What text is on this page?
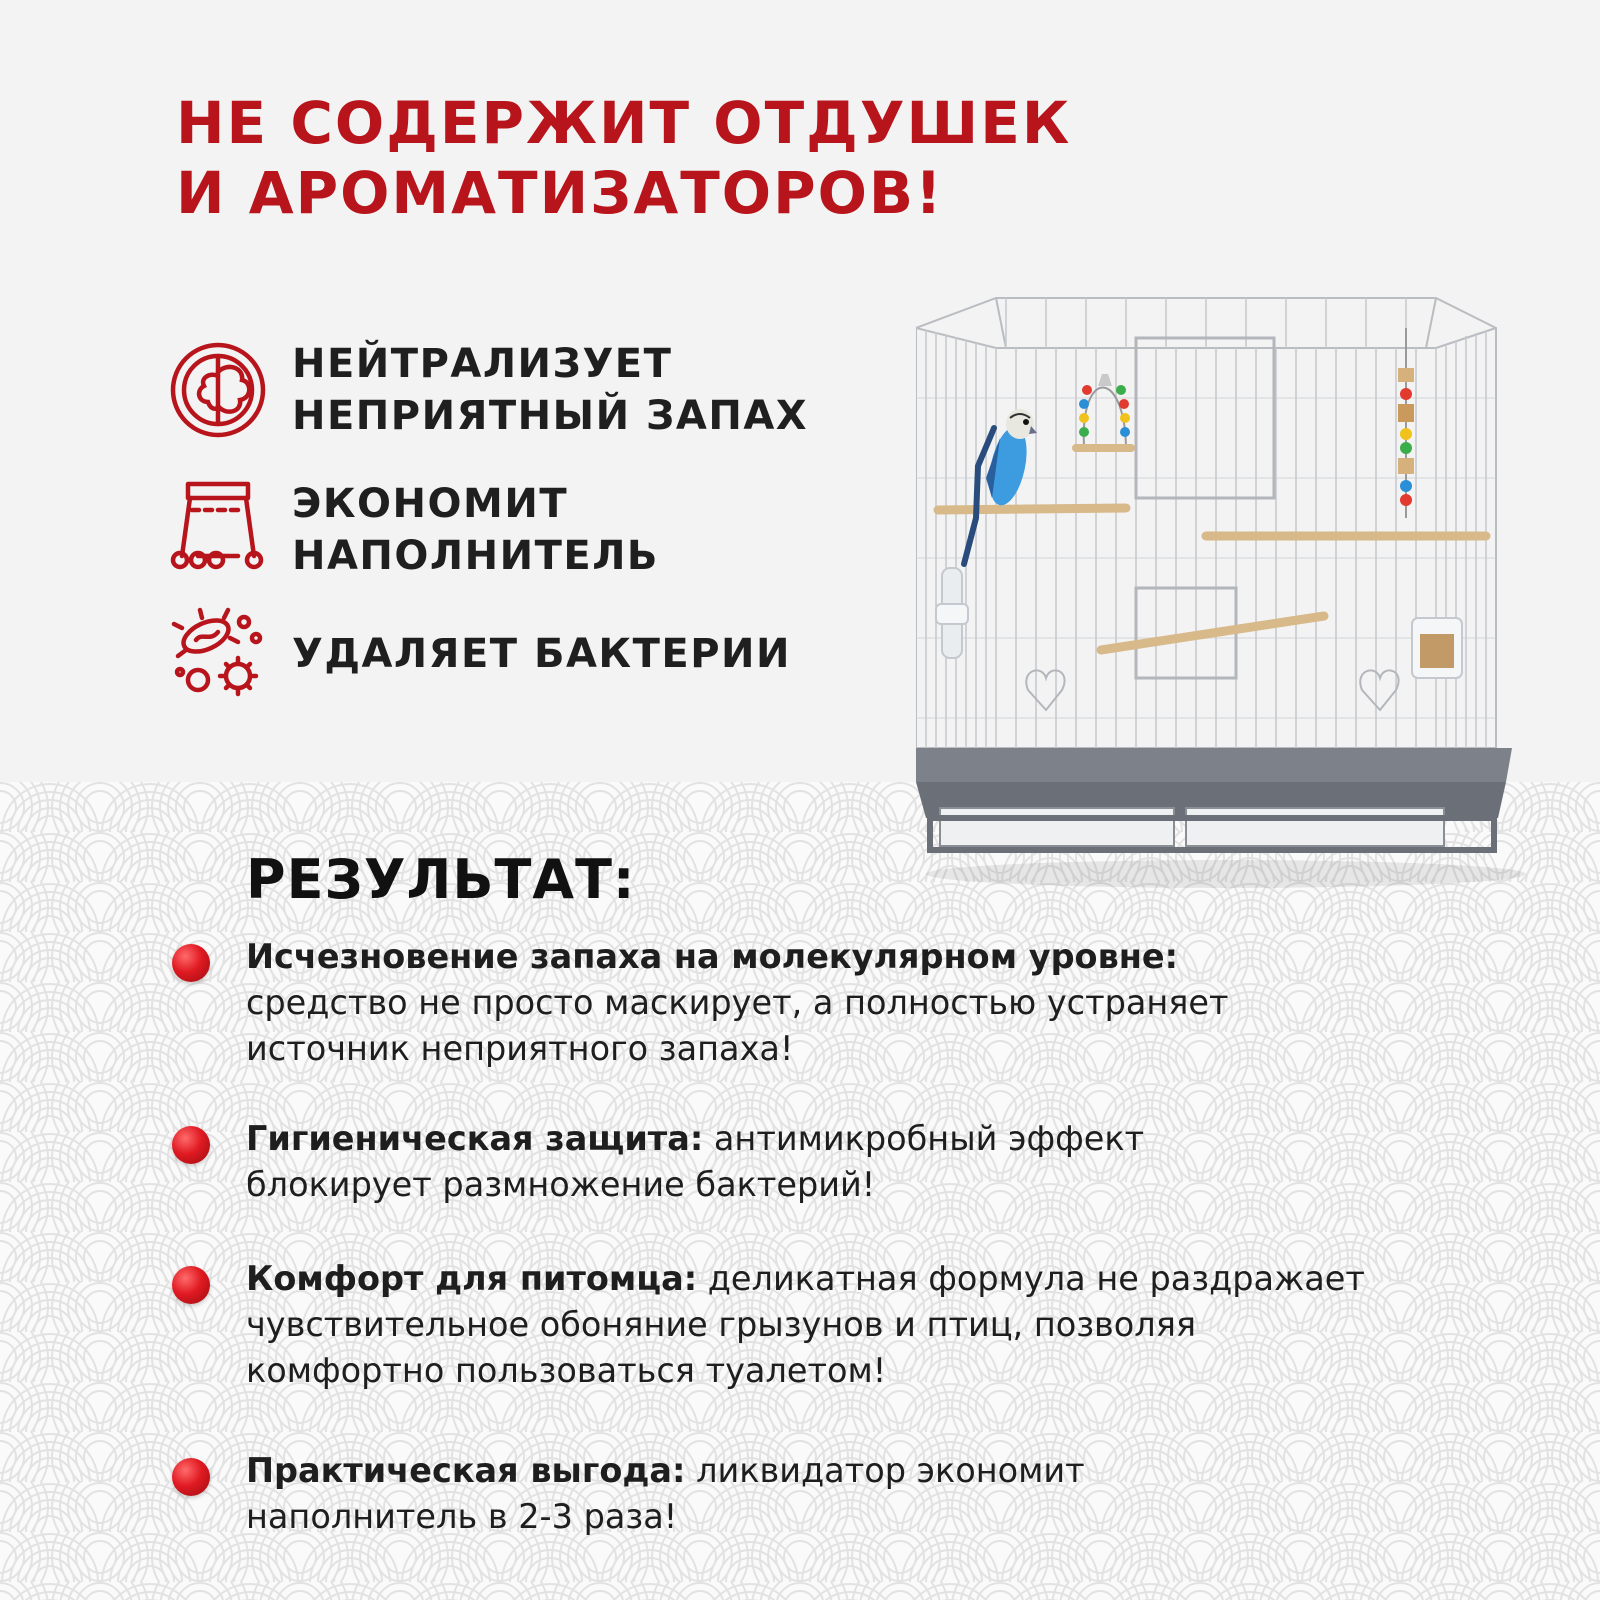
НЕ СОДЕРЖИТ ОТДУШЕК
И АРОМАТИЗАТОРОВ!
НЕЙТРАЛИЗУЕТ
НЕПРИЯТНЫЙ ЗАПАХ
ЭКОНОМИТ
НАПОЛНИТЕЛЬ
УДАЛЯЕТ БАКТЕРИИ
РЕЗУЛЬТАТ:
Исчезновение запаха на молекулярном уровне:
средство не просто маскирует, а полностью устраняет
источник неприятного запаха!
Гигиеническая защита: антимикробный эффект
блокирует размножение бактерий!
Комфорт для питомца: деликатная формула не раздражает
чувствительное обоняние грызунов и птиц, позволяя
комфортно пользоваться туалетом!
Практическая выгода: ликвидатор экономит
наполнитель в 2-3 раза!
